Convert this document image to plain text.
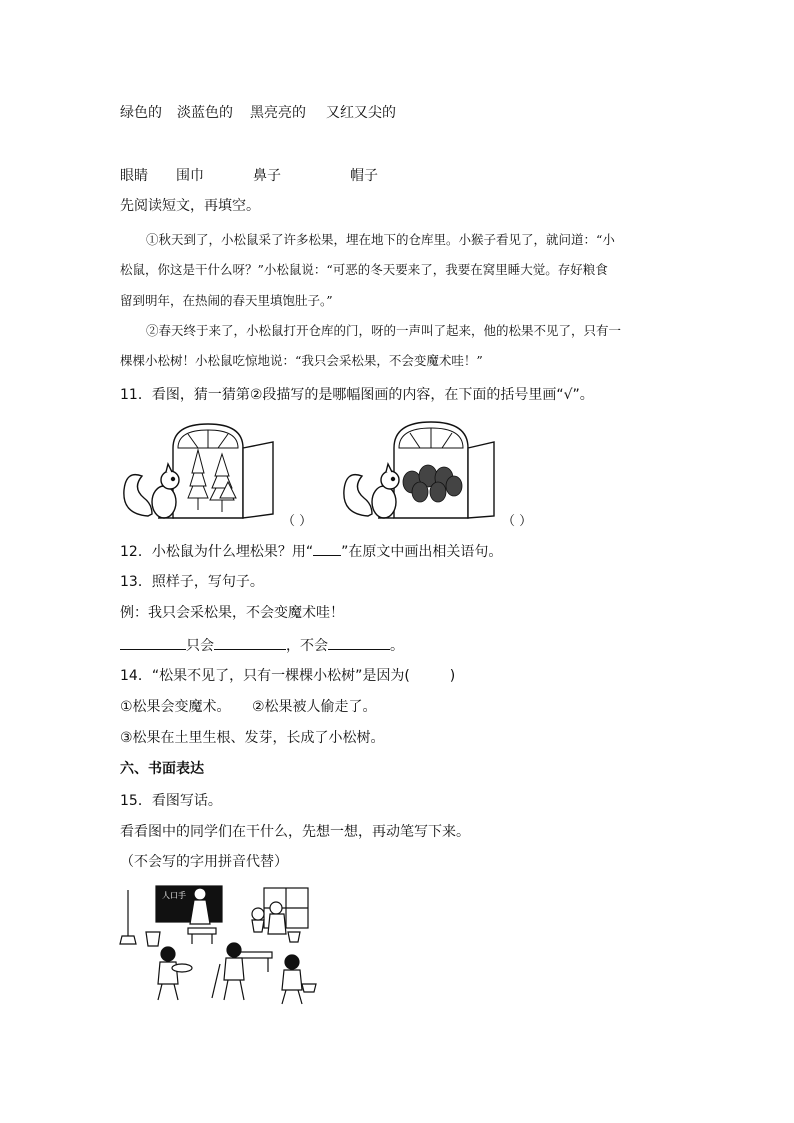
绿色的 淡蓝色的 黑亮亮的 又红又尖的
眼睛 围巾	鼻子	帽子
先阅读短文，再填空。
①秋天到了，小松鼠采了许多松果，埋在地下的仓库里。小猴子看见了，就问道：“小
松鼠，你这是干什么呀？”小松鼠说：“可恶的冬天要来了，我要在窝里睡大觉。存好粮食
留到明年，在热闹的春天里填饱肚子。”
②春天终于来了，小松鼠打开仓库的门，呀的一声叫了起来，他的松果不见了，只有一
棵棵小松树！小松鼠吃惊地说：“我只会采松果，不会变魔术哇！”
11．看图，猜一猜第②段描写的是哪幅图画的内容，在下面的括号里画“√”。
（ ）	（ ）
12．小松鼠为什么埋松果？用“ ”在原文中画出相关语句。
13．照样子，写句子。
例：我只会采松果，不会变魔术哇！
只会	，不会	。
14．“松果不见了，只有一棵棵小松树”是因为(	)
①松果会变魔术。 ②松果被人偷走了。
③松果在土里生根、发芽，长成了小松树。
六、书面表达
15．看图写话。
看看图中的同学们在干什么，先想一想，再动笔写下来。
（不会写的字用拼音代替）
人口手
